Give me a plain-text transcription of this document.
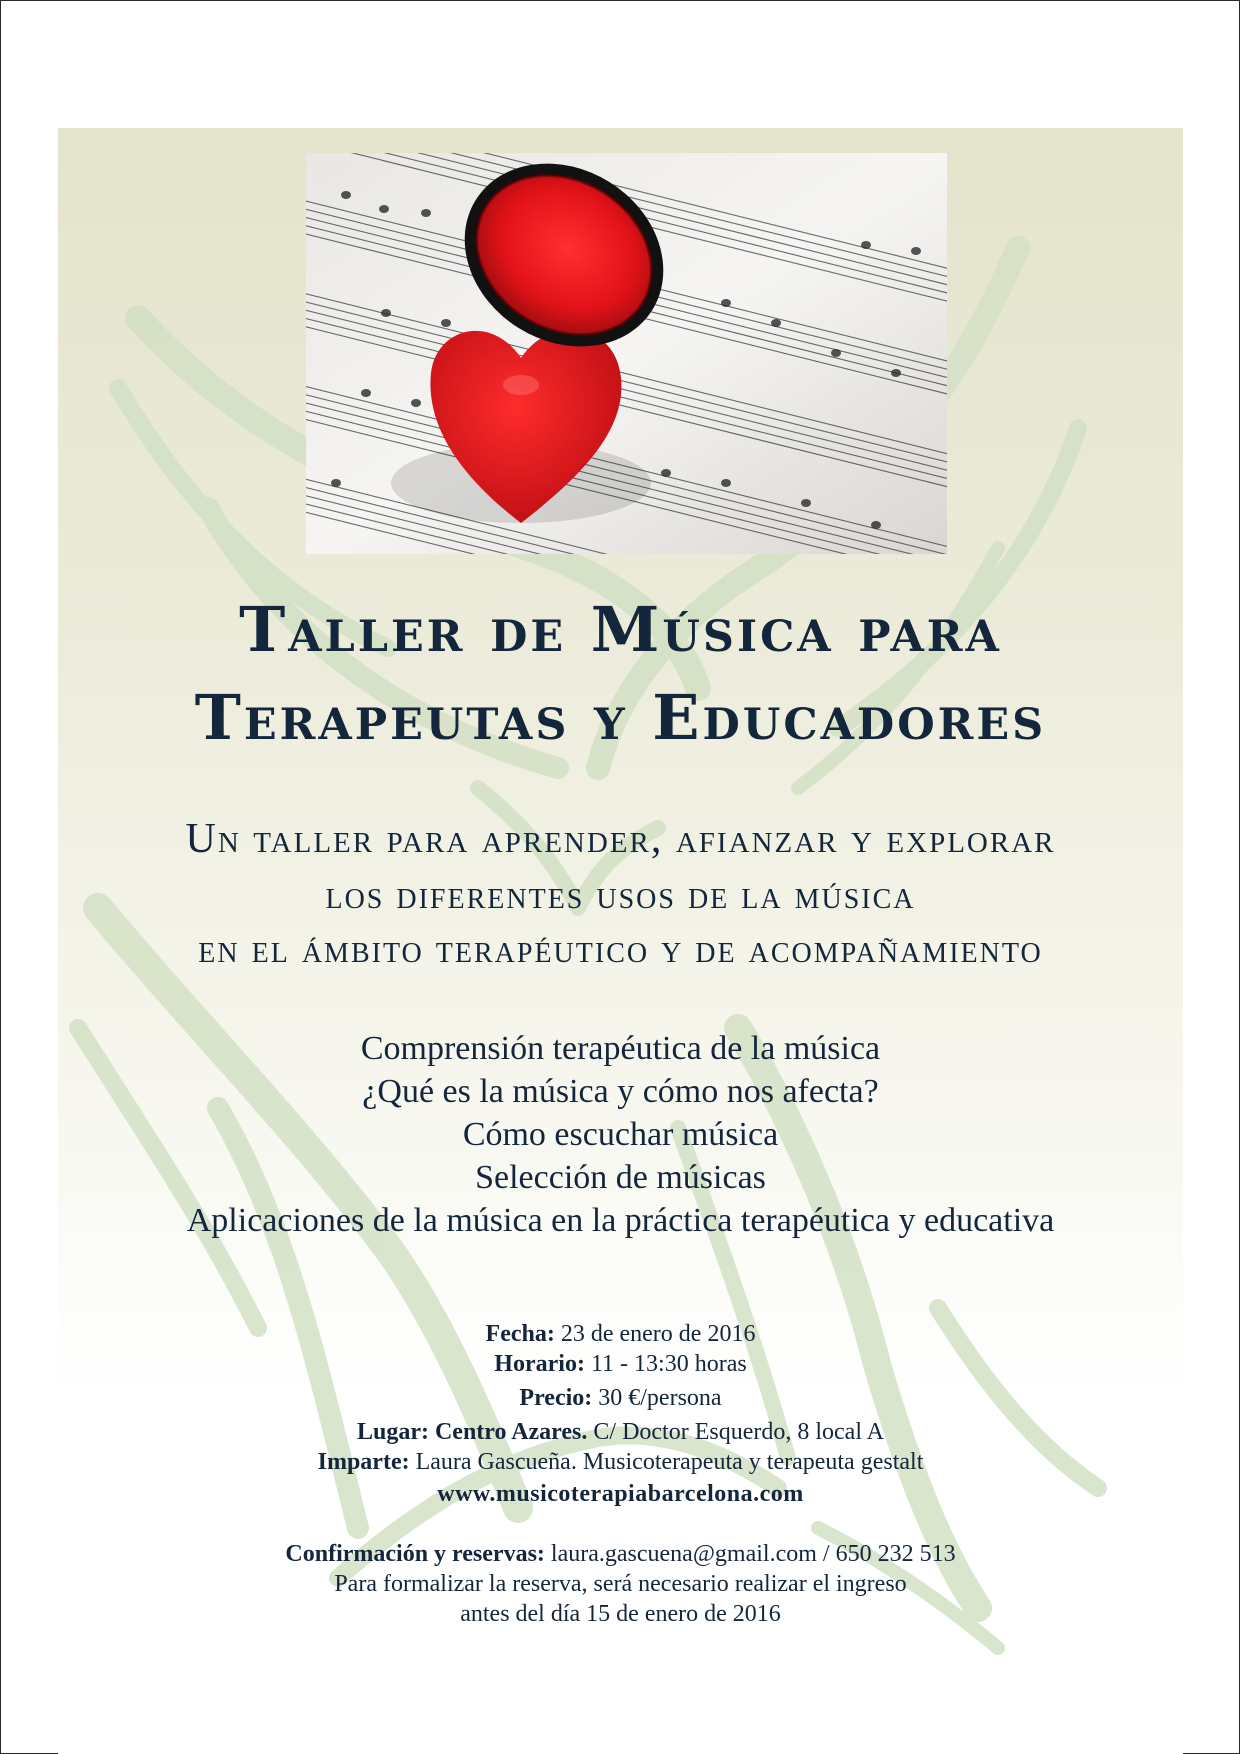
Taller de Música para
Terapeutas y Educadores

Un taller para aprender, afianzar y explorar

los diferentes usos de la música

en el ámbito terapéutico y de acompañamiento

Comprensión terapéutica de la música
¿Qué es la música y cómo nos afecta?
Cómo escuchar música
Selección de músicas
Aplicaciones de la música en la práctica terapéutica y educativa
Fecha: 23 de enero de 2016
Horario: 11 - 13:30 horas
Precio: 30 €/persona
Lugar: Centro Azares. C/ Doctor Esquerdo, 8 local A
Imparte: Laura Gascueña. Musicoterapeuta y terapeuta gestalt
www.musicoterapiabarcelona.com
Confirmación y reservas: laura.gascuena@gmail.com / 650 232 513
Para formalizar la reserva, será necesario realizar el ingreso
antes del día 15 de enero de 2016
